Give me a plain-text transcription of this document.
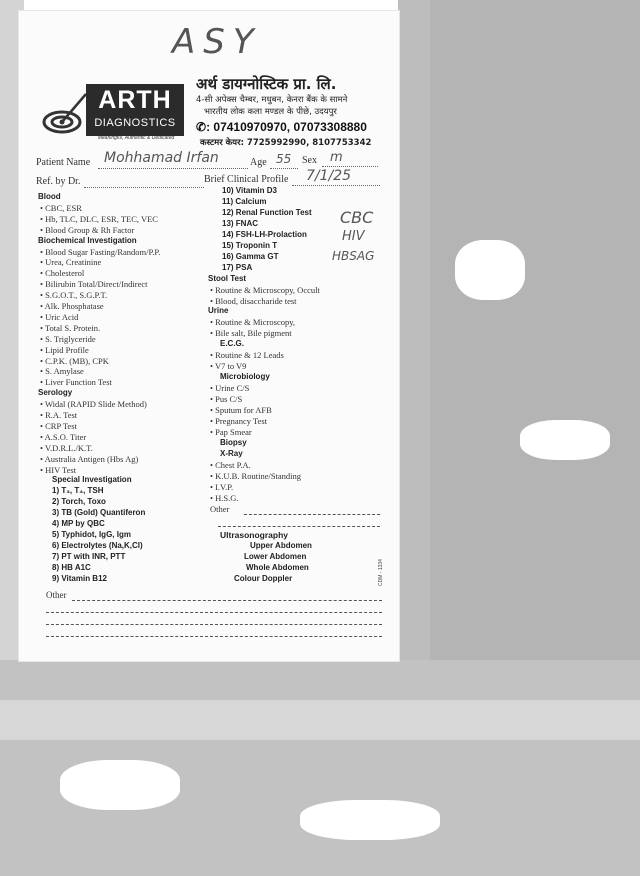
ASY
ARTH
DIAGNOSTICS
Meaningful, Authentic & Dedicated
अर्थ डायग्नोस्टिक प्रा. लि.
4-सी अपेक्स चैम्बर, मधुबन, केनरा बैंक के सामने
भारतीय लोक कला मण्डल के पीछे, उदयपुर
✆: 07410970970, 07073308880
कस्टमर केयर: 7725992990, 8107753342
Patient Name Mohhamad Irfan	Age 55 Sex m
Ref. by Dr.	Brief Clinical Profile 7/1/25
CBC
HIV
HBSAG
Blood
• CBC, ESR
• Hb, TLC, DLC, ESR, TEC, VEC
• Blood Group & Rh Factor
Biochemical Investigation
• Blood Sugar Fasting/Random/P.P.
• Urea, Creatinine
• Cholesterol
• Bilirubin Total/Direct/Indirect
• S.G.O.T., S.G.P.T.
• Alk. Phosphatase
• Uric Acid
• Total S. Protein.
• S. Triglyceride
• Lipid Profile
• C.P.K. (MB), CPK
• S. Amylase
• Liver Function Test
Serology
• Widal (RAPID Slide Method)
• R.A. Test
• CRP Test
• A.S.O. Titer
• V.D.R.L./K.T.
• Australia Antigen (Hbs Ag)
• HIV Test
Special Investigation
1) T₃, T₄, TSH
2) Torch, Toxo
3) TB (Gold) Quantiferon
4) MP by QBC
5) Typhidot, IgG, Igm
6) Electrolytes (Na,K,Cl)
7) PT with INR, PTT
8) HB A1C
9) Vitamin B12
Other
10) Vitamin D3
11) Calcium
12) Renal Function Test
13) FNAC
14) FSH-LH-Prolaction
15) Troponin T
16) Gamma GT
17) PSA
Stool Test
• Routine & Microscopy, Occult
• Blood, disaccharide test
Urine
• Routine & Microscopy,
• Bile salt, Bile pigment
E.C.G.
• Routine & 12 Leads
• V7 to V9
Microbiology
• Urine C/S
• Pus C/S
• Sputum for AFB
• Pregnancy Test
• Pap Smear
Biopsy
X-Ray
• Chest P.A.
• K.U.B. Routine/Standing
• I.V.P.
• H.S.G.
Other
Ultrasonography
Upper Abdomen
Lower Abdomen
Whole Abdomen
Colour Doppler	CDM - 1334
